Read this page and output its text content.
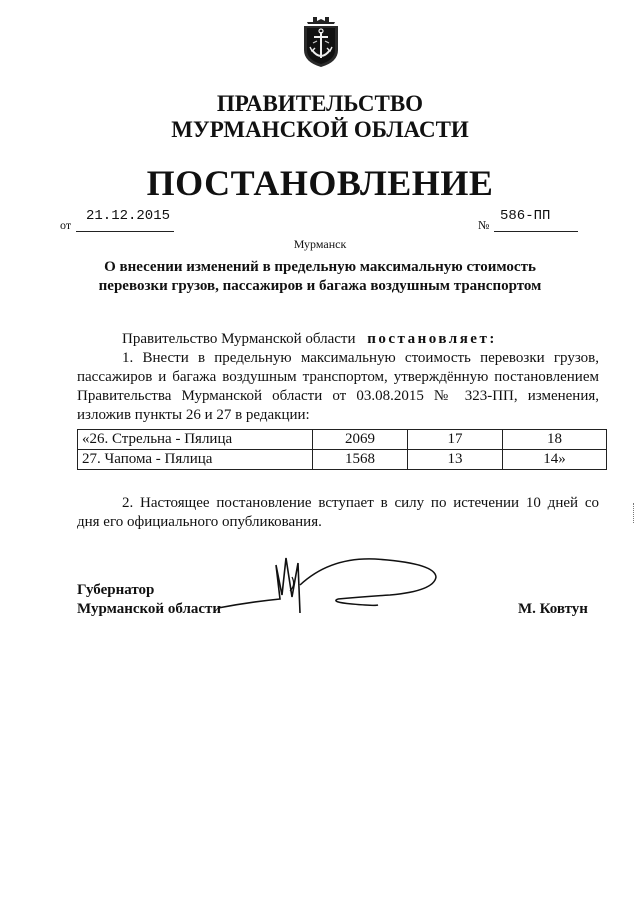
ПРАВИТЕЛЬСТВО
МУРМАНСКОЙ ОБЛАСТИ
ПОСТАНОВЛЕНИЕ
от
21.12.2015
№
586-ПП
Мурманск
О внесении изменений в предельную максимальную стоимость
перевозки грузов, пассажиров и багажа воздушным транспортом
Правительство Мурманской области постановляет:
1. Внести в предельную максимальную стоимость перевозки грузов,
пассажиров и багажа воздушным транспортом, утверждённую постановлением
Правительства Мурманской области от 03.08.2015 № 323-ПП, изменения,
изложив пункты 26 и 27 в редакции:
«26. Стрельна - Пялица	2069	17	18
27. Чапома - Пялица	1568	13	14»
2. Настоящее постановление вступает в силу по истечении 10 дней со
дня его официального опубликования.
Губернатор
Мурманской области	М. Ковтун
